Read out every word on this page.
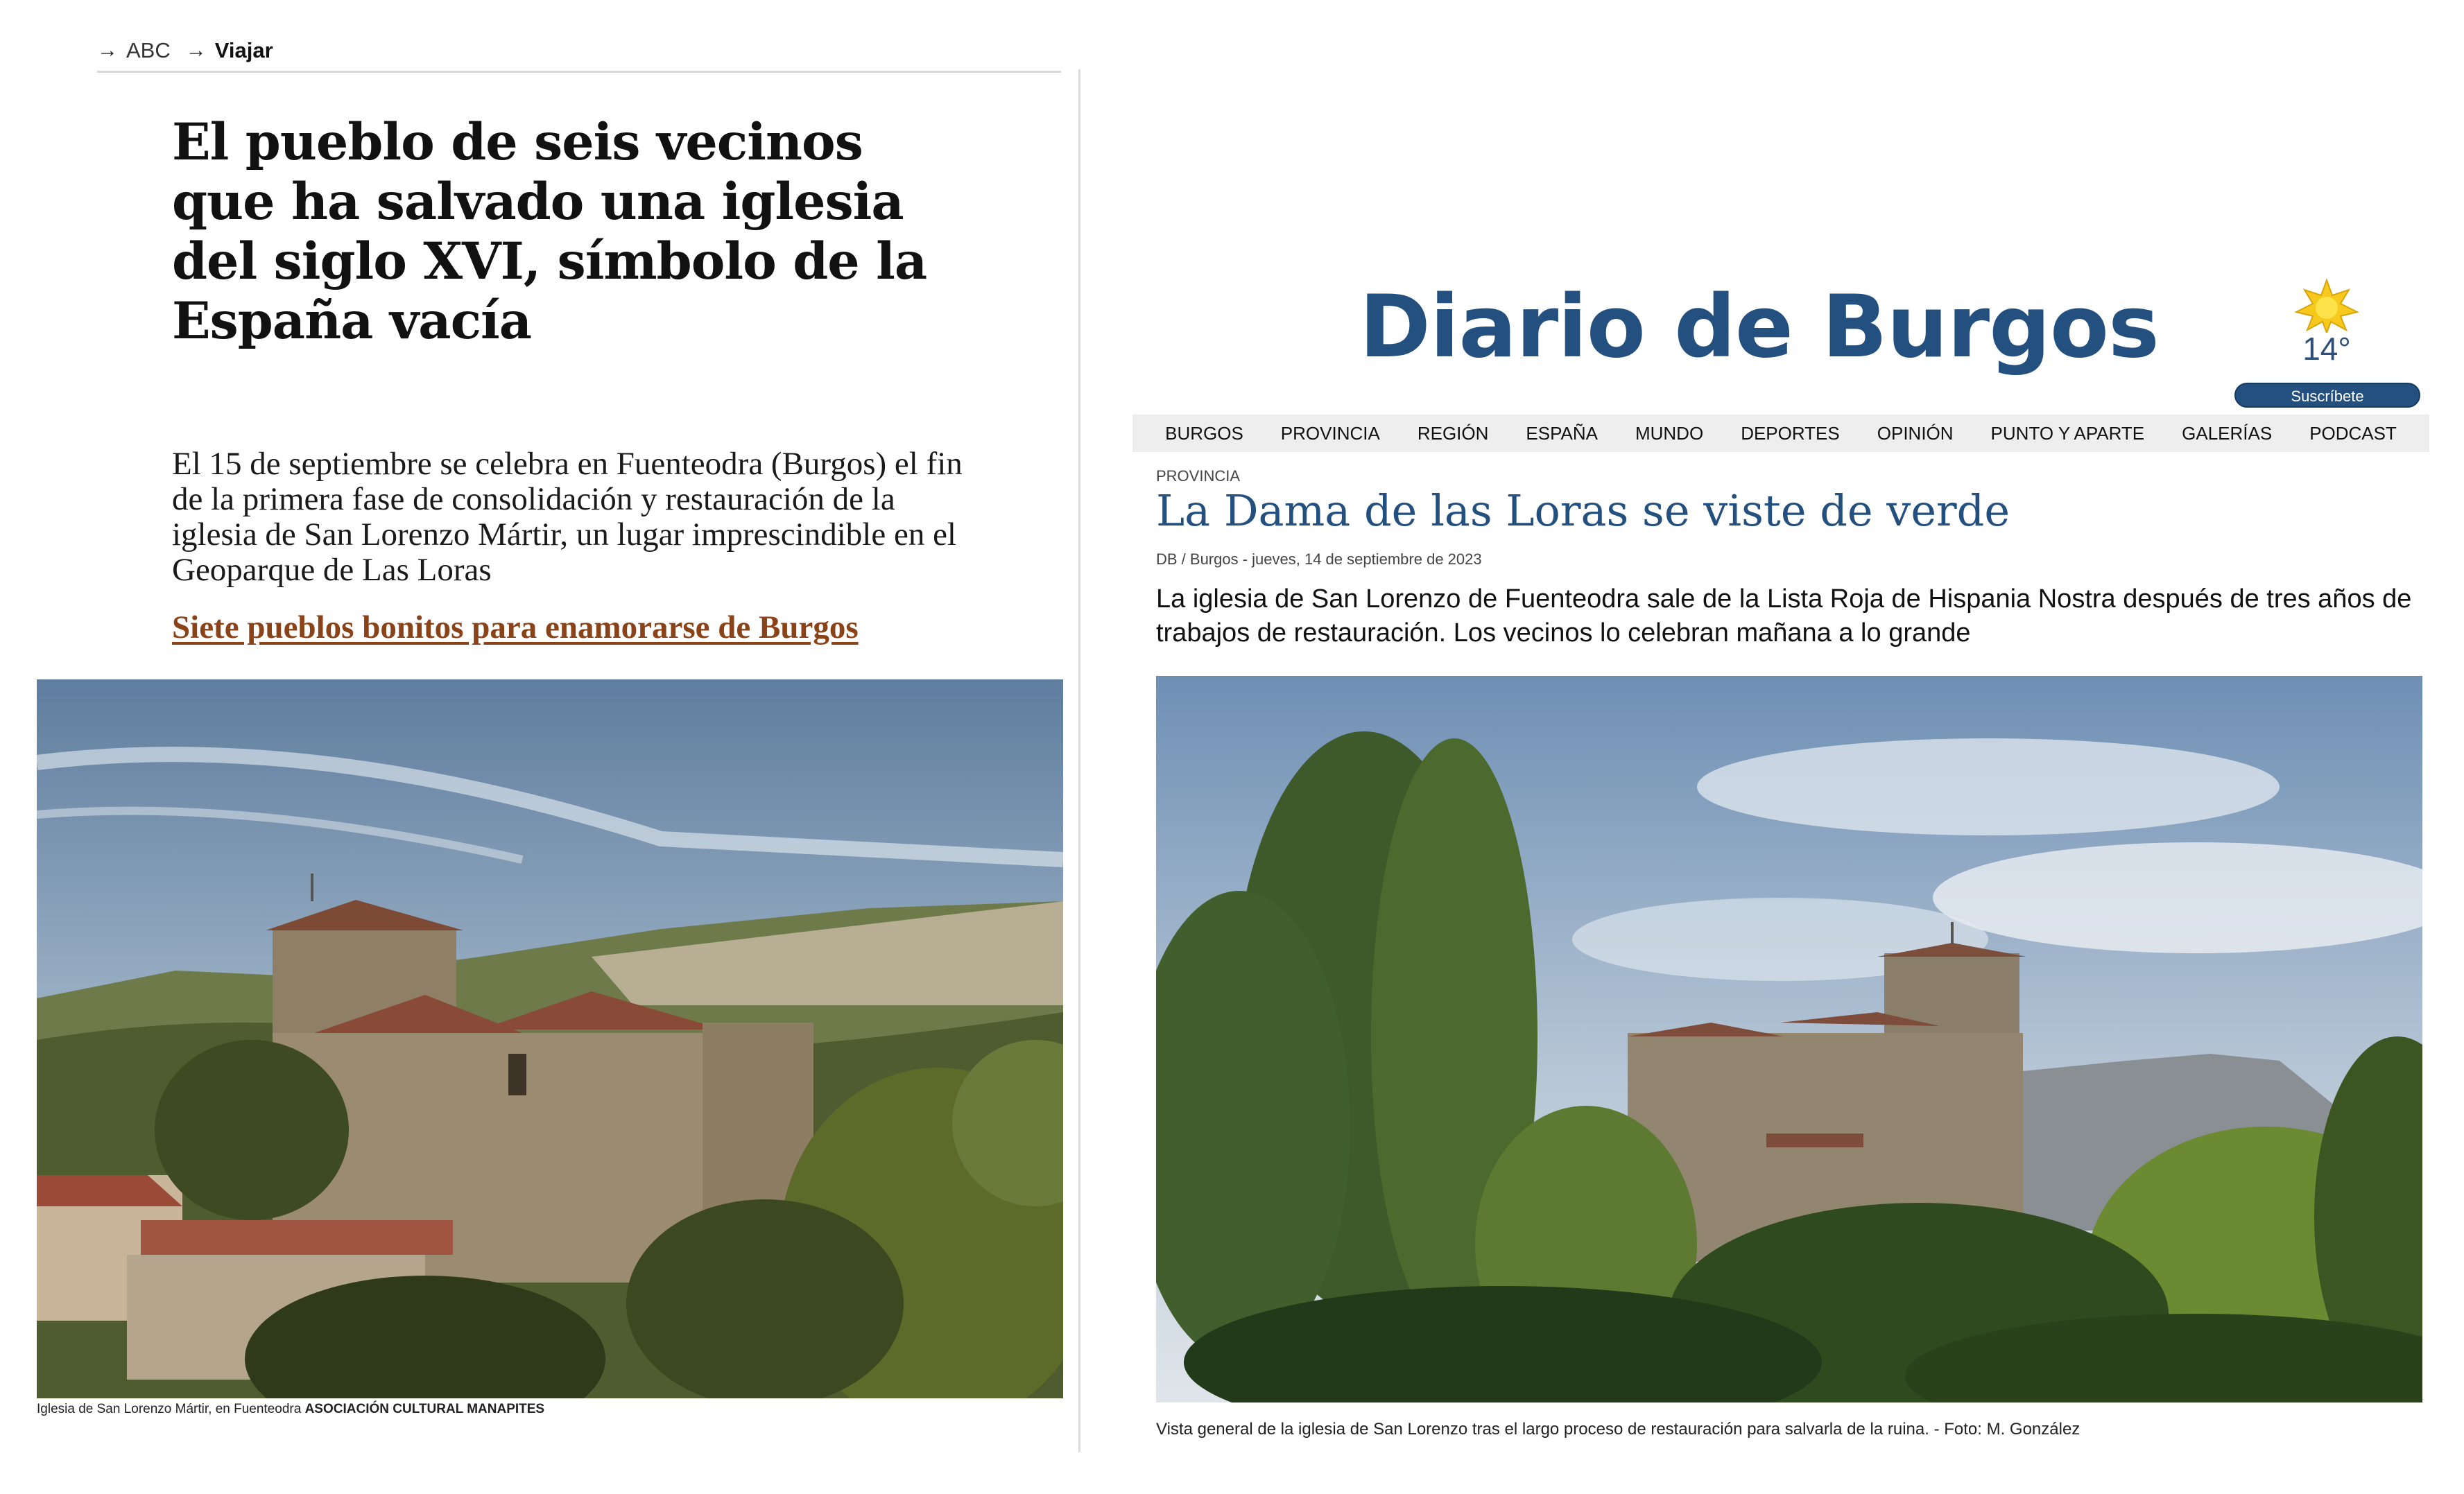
→ ABC → Viajar
El pueblo de seis vecinos que ha salvado una iglesia del siglo XVI, símbolo de la España vacía

El 15 de septiembre se celebra en Fuenteodra (Burgos) el fin de la primera fase de consolidación y restauración de la iglesia de San Lorenzo Mártir, un lugar imprescindible en el Geoparque de Las Loras

Siete pueblos bonitos para enamorarse de Burgos
Iglesia de San Lorenzo Mártir, en Fuenteodra ASOCIACIÓN CULTURAL MANAPITES
Diario de Burgos	14°
Suscríbete
BURGOS PROVINCIA REGIÓN ESPAÑA MUNDO DEPORTES OPINIÓN PUNTO Y APARTE GALERÍAS PODCAST
PROVINCIA
La Dama de las Loras se viste de verde
DB / Burgos - jueves, 14 de septiembre de 2023

La iglesia de San Lorenzo de Fuenteodra sale de la Lista Roja de Hispania Nostra después de tres años de trabajos de restauración. Los vecinos lo celebran mañana a lo grande

Vista general de la iglesia de San Lorenzo tras el largo proceso de restauración para salvarla de la ruina. - Foto: M. González
